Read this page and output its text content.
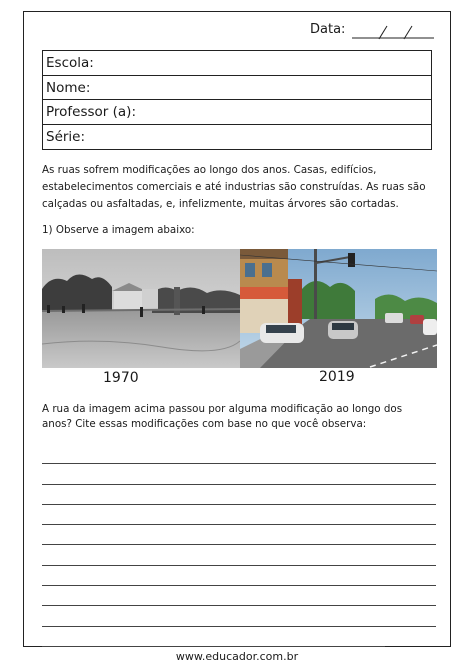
Data:
Escola:
Nome:
Professor (a):
Série:

As ruas sofrem modificações ao longo dos anos. Casas, edifícios, estabelecimentos comerciais e até industrias são construídas. As ruas são calçadas ou asfaltadas, e, infelizmente, muitas árvores são cortadas.

1) Observe a imagem abaixo:

1970	2019

A rua da imagem acima passou por alguma modificação ao longo dos anos? Cite essas modificações com base no que você observa:

www.educador.com.br
